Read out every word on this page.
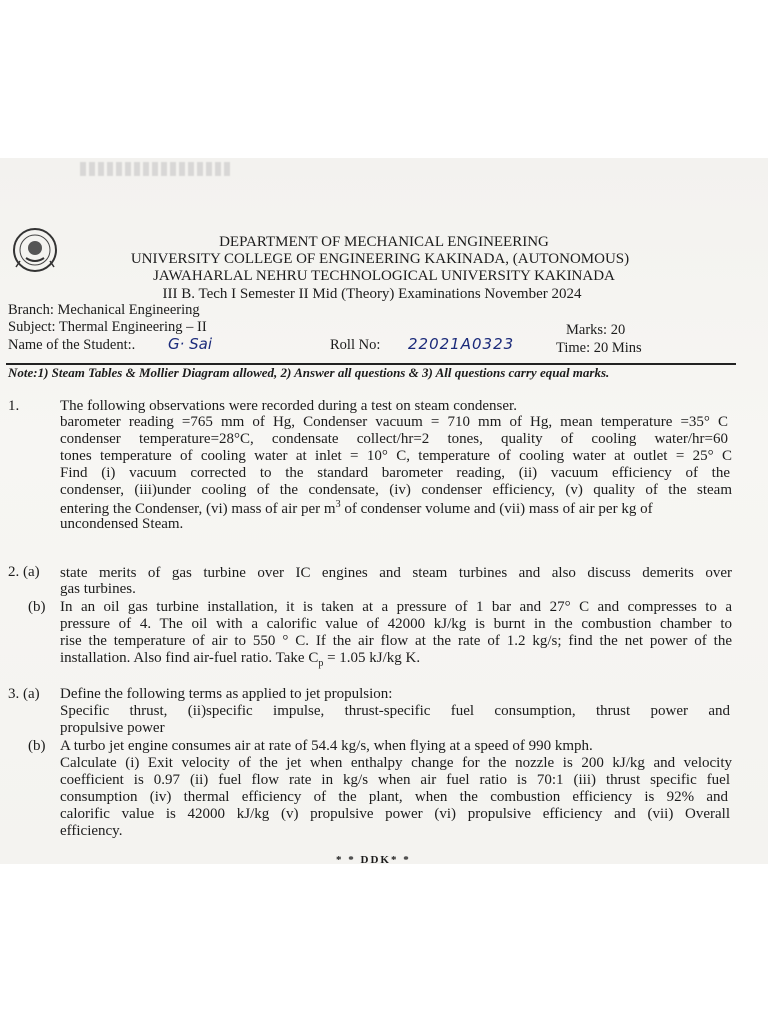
DEPARTMENT OF MECHANICAL ENGINEERING
UNIVERSITY COLLEGE OF ENGINEERING KAKINADA, (AUTONOMOUS)
JAWAHARLAL NEHRU TECHNOLOGICAL UNIVERSITY KAKINADA
III B. Tech I Semester II Mid (Theory) Examinations November 2024
Branch: Mechanical Engineering
Subject: Thermal Engineering – II
Name of the Student:. G· Sai	Roll No: 22021A0323
Marks: 20
Time: 20 Mins
Note:1) Steam Tables & Mollier Diagram allowed, 2) Answer all questions & 3) All questions carry equal marks.
1.	The following observations were recorded during a test on steam condenser.
barometer reading =765 mm of Hg, Condenser vacuum = 710 mm of Hg, mean temperature =35° C
condenser temperature=28°C, condensate collect/hr=2 tones, quality of cooling water/hr=60
tones temperature of cooling water at inlet = 10° C, temperature of cooling water at outlet = 25° C
Find (i) vacuum corrected to the standard barometer reading, (ii) vacuum efficiency of the
condenser, (iii)under cooling of the condensate, (iv) condenser efficiency, (v) quality of the steam
entering the Condenser, (vi) mass of air per $m^3$ of condenser volume and (vii) mass of air per kg of
uncondensed Steam.
2. (a) state merits of gas turbine over IC engines and steam turbines and also discuss demerits over
gas turbines.
(b) In an oil gas turbine installation, it is taken at a pressure of 1 bar and 27° C and compresses to a
pressure of 4. The oil with a calorific value of 42000 kJ/kg is burnt in the combustion chamber to
rise the temperature of air to 550 ° C. If the air flow at the rate of 1.2 kg/s; find the net power of the
installation. Also find air-fuel ratio. Take $C_p = 1.05$ kJ/kg K.
3. (a) Define the following terms as applied to jet propulsion:
Specific thrust, (ii)specific impulse, thrust-specific fuel consumption, thrust power and
propulsive power
(b) A turbo jet engine consumes air at rate of 54.4 kg/s, when flying at a speed of 990 kmph.
Calculate (i) Exit velocity of the jet when enthalpy change for the nozzle is 200 kJ/kg and velocity
coefficient is 0.97 (ii) fuel flow rate in kg/s when air fuel ratio is 70:1 (iii) thrust specific fuel
consumption (iv) thermal efficiency of the plant, when the combustion efficiency is 92% and
calorific value is 42000 kJ/kg (v) propulsive power (vi) propulsive efficiency and (vii) Overall
efficiency.
* * DDK* *
